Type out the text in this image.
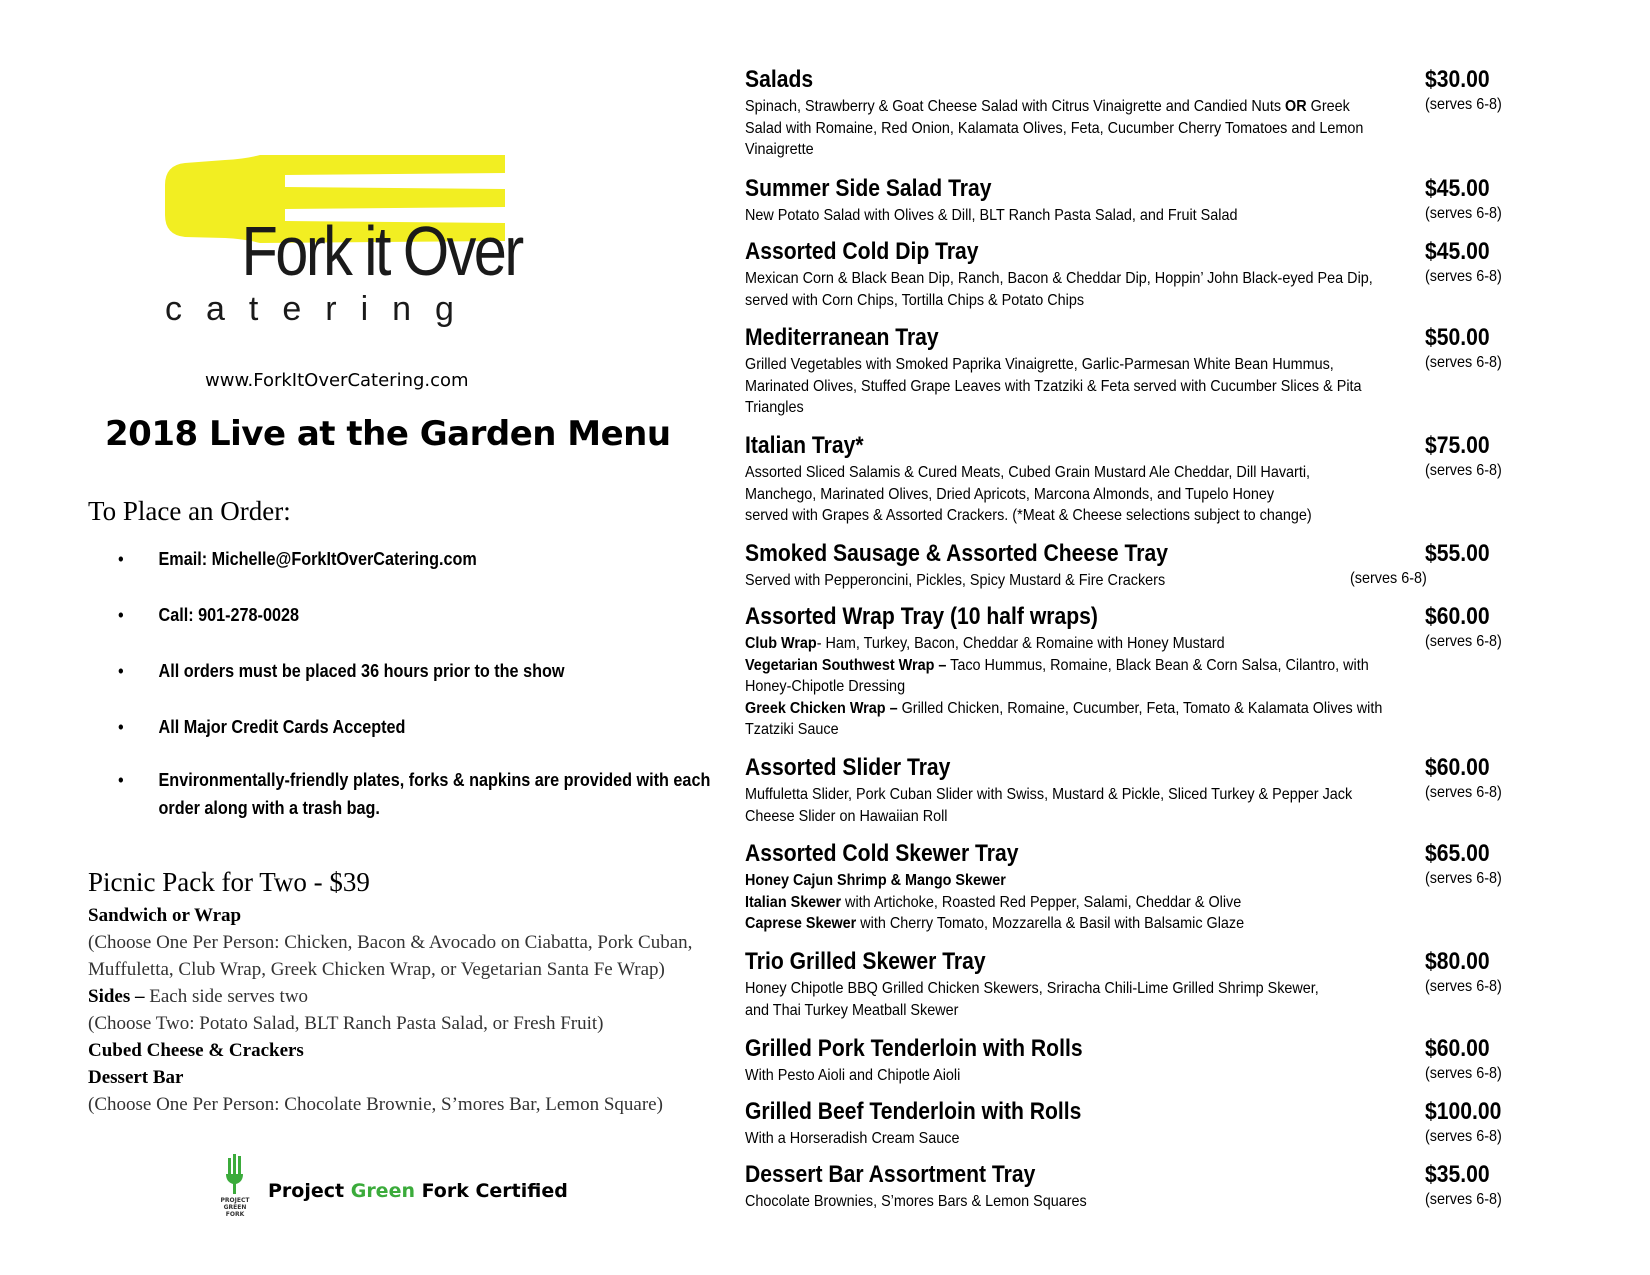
Fork it Over
catering
www.ForkItOverCatering.com
2018 Live at the Garden Menu
To Place an Order:
• Email: Michelle@ForkItOverCatering.com
• Call: 901-278-0028
• All orders must be placed 36 hours prior to the show
• All Major Credit Cards Accepted
• Environmentally-friendly plates, forks & napkins are provided with each order along with a trash bag.
Picnic Pack for Two - $39
Sandwich or Wrap
(Choose One Per Person: Chicken, Bacon & Avocado on Ciabatta, Pork Cuban, Muffuletta, Club Wrap, Greek Chicken Wrap, or Vegetarian Santa Fe Wrap)
Sides – Each side serves two
(Choose Two: Potato Salad, BLT Ranch Pasta Salad, or Fresh Fruit)
Cubed Cheese & Crackers
Dessert Bar
(Choose One Per Person: Chocolate Brownie, S’mores Bar, Lemon Square)
PROJECT
GREEN
FORK
Project Green Fork Certified
Salads	$30.00
(serves 6-8)
Spinach, Strawberry & Goat Cheese Salad with Citrus Vinaigrette and Candied Nuts OR Greek Salad with Romaine, Red Onion, Kalamata Olives, Feta, Cucumber Cherry Tomatoes and Lemon Vinaigrette
Summer Side Salad Tray	$45.00
(serves 6-8)
New Potato Salad with Olives & Dill, BLT Ranch Pasta Salad, and Fruit Salad
Assorted Cold Dip Tray	$45.00
(serves 6-8)
Mexican Corn & Black Bean Dip, Ranch, Bacon & Cheddar Dip, Hoppin’ John Black-eyed Pea Dip, served with Corn Chips, Tortilla Chips & Potato Chips
Mediterranean Tray	$50.00
(serves 6-8)
Grilled Vegetables with Smoked Paprika Vinaigrette, Garlic-Parmesan White Bean Hummus, Marinated Olives, Stuffed Grape Leaves with Tzatziki & Feta served with Cucumber Slices & Pita Triangles
Italian Tray*	$75.00
(serves 6-8)
Assorted Sliced Salamis & Cured Meats, Cubed Grain Mustard Ale Cheddar, Dill Havarti,
Manchego, Marinated Olives, Dried Apricots, Marcona Almonds, and Tupelo Honey
served with Grapes & Assorted Crackers. (*Meat & Cheese selections subject to change)
Smoked Sausage & Assorted Cheese Tray	$55.00
Served with Pepperoncini, Pickles, Spicy Mustard & Fire Crackers	(serves 6-8)
Assorted Wrap Tray (10 half wraps)	$60.00
(serves 6-8)
Club Wrap- Ham, Turkey, Bacon, Cheddar & Romaine with Honey Mustard
Vegetarian Southwest Wrap – Taco Hummus, Romaine, Black Bean & Corn Salsa, Cilantro, with Honey-Chipotle Dressing
Greek Chicken Wrap – Grilled Chicken, Romaine, Cucumber, Feta, Tomato & Kalamata Olives with Tzatziki Sauce
Assorted Slider Tray	$60.00
(serves 6-8)
Muffuletta Slider, Pork Cuban Slider with Swiss, Mustard & Pickle, Sliced Turkey & Pepper Jack Cheese Slider on Hawaiian Roll
Assorted Cold Skewer Tray	$65.00
(serves 6-8)
Honey Cajun Shrimp & Mango Skewer
Italian Skewer with Artichoke, Roasted Red Pepper, Salami, Cheddar & Olive
Caprese Skewer with Cherry Tomato, Mozzarella & Basil with Balsamic Glaze
Trio Grilled Skewer Tray	$80.00
(serves 6-8)
Honey Chipotle BBQ Grilled Chicken Skewers, Sriracha Chili-Lime Grilled Shrimp Skewer,
and Thai Turkey Meatball Skewer
Grilled Pork Tenderloin with Rolls	$60.00
(serves 6-8)
With Pesto Aioli and Chipotle Aioli
Grilled Beef Tenderloin with Rolls	$100.00
(serves 6-8)
With a Horseradish Cream Sauce
Dessert Bar Assortment Tray	$35.00
(serves 6-8)
Chocolate Brownies, S’mores Bars & Lemon Squares
